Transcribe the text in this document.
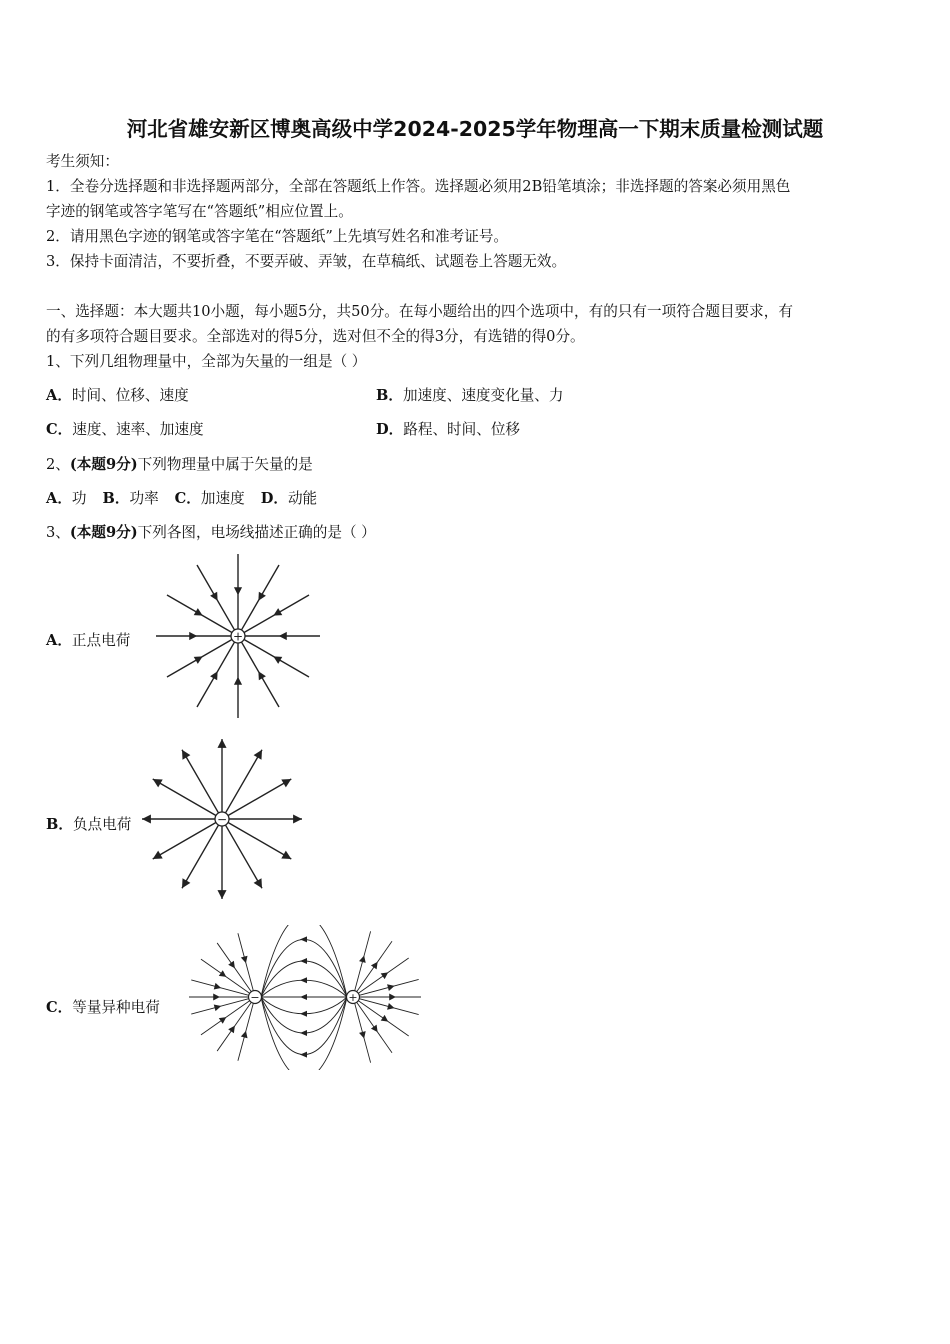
河北省雄安新区博奥高级中学2024-2025学年物理高一下期末质量检测试题
考生须知：
1．全卷分选择题和非选择题两部分，全部在答题纸上作答。选择题必须用2B铅笔填涂；非选择题的答案必须用黑色
字迹的钢笔或答字笔写在“答题纸”相应位置上。
2．请用黑色字迹的钢笔或答字笔在“答题纸”上先填写姓名和准考证号。
3．保持卡面清洁，不要折叠，不要弄破、弄皱，在草稿纸、试题卷上答题无效。
一、选择题：本大题共10小题，每小题5分，共50分。在每小题给出的四个选项中，有的只有一项符合题目要求，有
的有多项符合题目要求。全部选对的得5分，选对但不全的得3分，有选错的得0分。
1、下列几组物理量中，全部为矢量的一组是（ ）
A．时间、位移、速度	B．加速度、速度变化量、力
C．速度、速率、加速度	D．路程、时间、位移
2、(本题9分)下列物理量中属于矢量的是
A．功 B．功率 C．加速度 D．动能
3、(本题9分)下列各图，电场线描述正确的是（ ）
A．正点电荷
B．负点电荷
C．等量异种电荷
+
−
−	+
